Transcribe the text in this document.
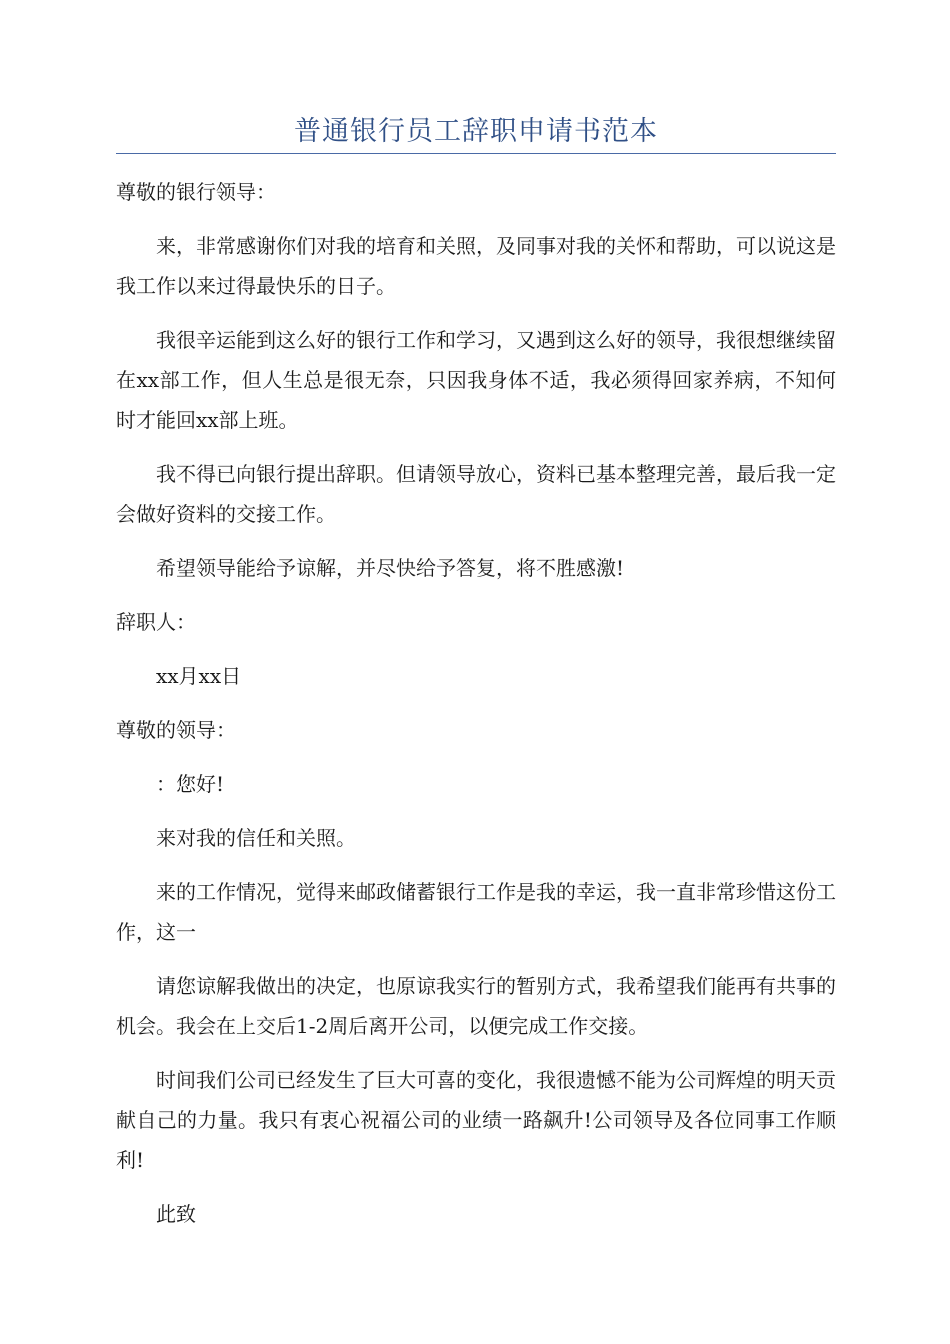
普通银行员工辞职申请书范本

尊敬的银行领导：

来，非常感谢你们对我的培育和关照，及同事对我的关怀和帮助，可以说这是我工作以来过得最快乐的日子。

我很辛运能到这么好的银行工作和学习，又遇到这么好的领导，我很想继续留在xx部工作，但人生总是很无奈，只因我身体不适，我必须得回家养病，不知何时才能回xx部上班。

我不得已向银行提出辞职。但请领导放心，资料已基本整理完善，最后我一定会做好资料的交接工作。

希望领导能给予谅解，并尽快给予答复，将不胜感激!

辞职人：

xx月xx日

尊敬的领导：

：您好!

来对我的信任和关照。

来的工作情况，觉得来邮政储蓄银行工作是我的幸运，我一直非常珍惜这份工作，这一

请您谅解我做出的决定，也原谅我实行的暂别方式，我希望我们能再有共事的机会。我会在上交后1-2周后离开公司，以便完成工作交接。

时间我们公司已经发生了巨大可喜的变化，我很遗憾不能为公司辉煌的明天贡献自己的力量。我只有衷心祝福公司的业绩一路飙升!公司领导及各位同事工作顺利!

此致
